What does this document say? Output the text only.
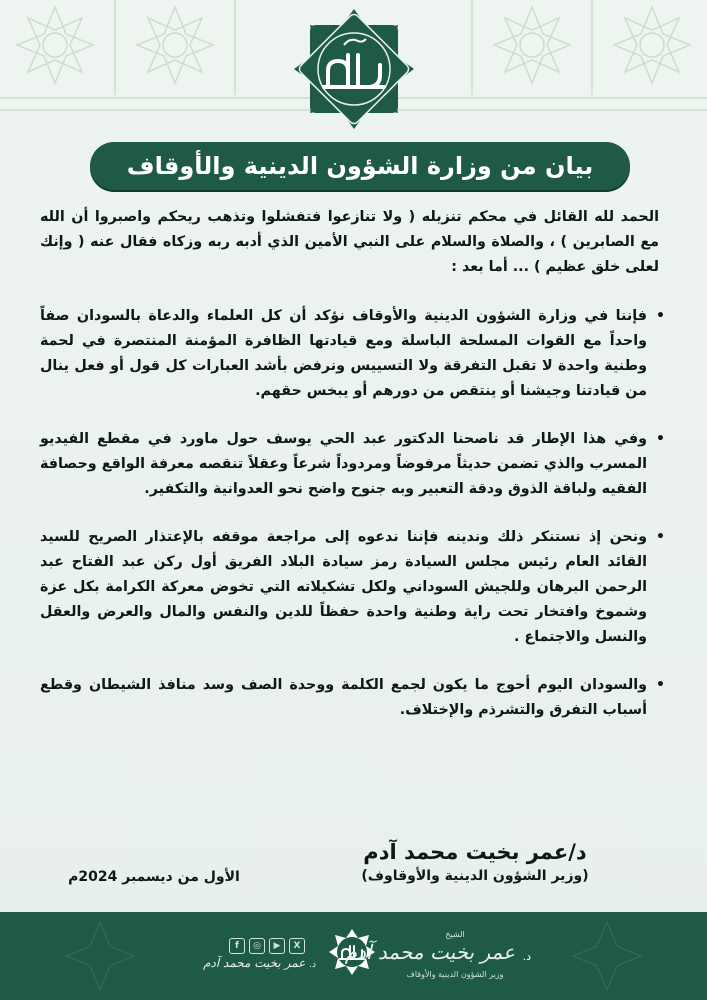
بيان من وزارة الشؤون الدينية والأوقاف

الحمد لله القائل في محكم تنزيله ( ولا تنازعوا فتفشلوا وتذهب ريحكم واصبروا أن الله مع الصابرين ) ، والصلاة والسلام على النبي الأمين الذي أدبه ربه وزكاه فقال عنه ( وإنك لعلى خلق عظيم ) ... أما بعد :

•
فإننا في وزارة الشؤون الدينية والأوقاف نؤكد أن كل العلماء والدعاة بالسودان صفاً واحداً مع القوات المسلحة الباسلة ومع قيادتها الظافرة المؤمنة المنتصرة في لحمة وطنية واحدة لا تقبل التفرقة ولا التسييس ونرفض بأشد العبارات كل قول أو فعل ينال من قيادتنا وجيشنا أو ينتقص من دورهم أو يبخس حقهم.
•
وفي هذا الإطار قد ناصحنا الدكتور عبد الحي يوسف حول ماورد في مقطع الفيديو المسرب والذي تضمن حديثاً مرفوضاً ومردوداً شرعاً وعقلاً تنقصه معرفة الواقع وحصافة الفقيه ولباقة الذوق ودقة التعبير وبه جنوح واضح نحو العدوانية والتكفير.
•
ونحن إذ نستنكر ذلك وندينه فإننا ندعوه إلى مراجعة موقفه بالإعتذار الصريح للسيد القائد العام رئيس مجلس السيادة رمز سيادة البلاد الفريق أول ركن عبد الفتاح عبد الرحمن البرهان وللجيش السوداني ولكل تشكيلاته التي تخوض معركة الكرامة بكل عزة وشموخ وافتخار تحت راية وطنية واحدة حفظاً للدين والنفس والمال والعرض والعقل والنسل والاجتماع .
•
والسودان اليوم أحوج ما يكون لجمع الكلمة ووحدة الصف وسد منافذ الشيطان وقطع أسباب التفرق والتشرذم والإختلاف.
د/عمر بخيت محمد آدم
(وزير الشؤون الدينية والأوقاوف)
الأول من ديسمبر 2024م
د.
الشيخ
عمر بخيت محمد آدم
وزير الشؤون الدينية والأوقاف
X
▶
◎
f
د. عمر بخيت محمد آدم
